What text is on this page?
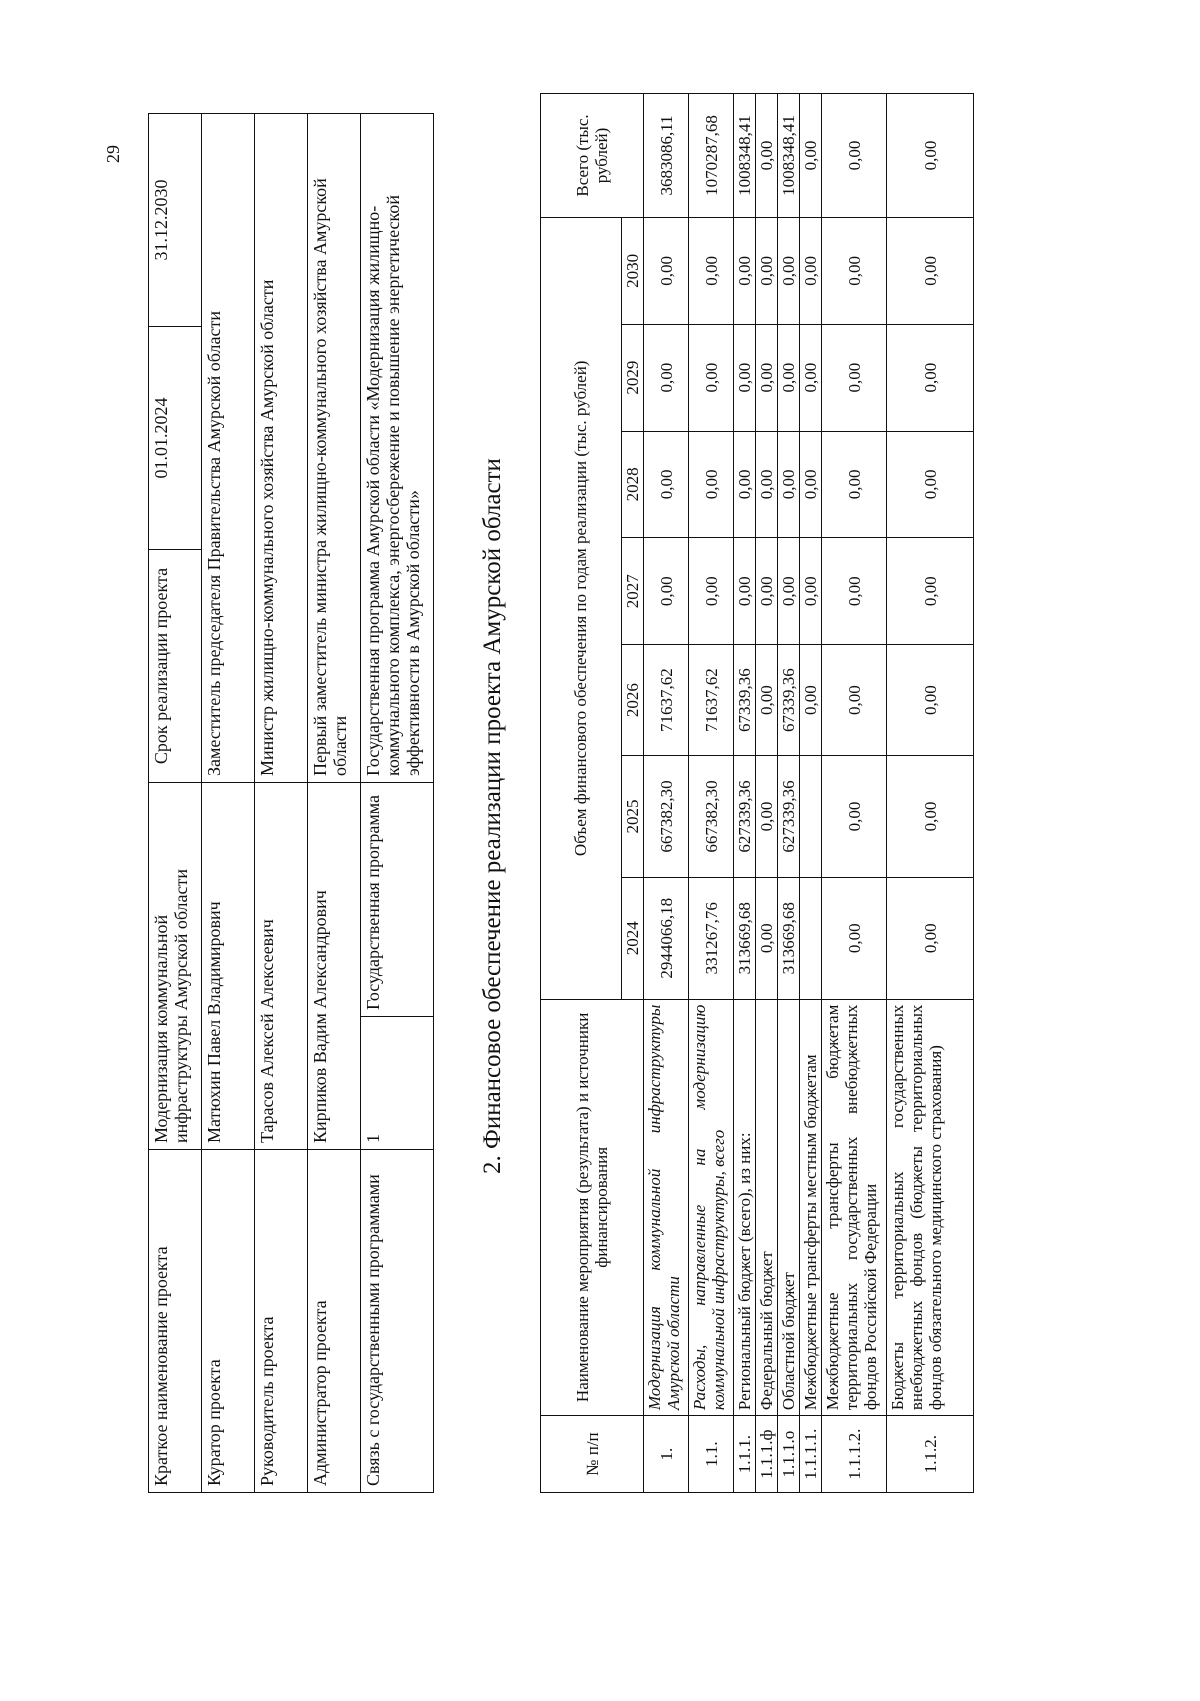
29
Краткое наименование проекта	Модернизация коммунальной инфраструктуры Амурской области		Срок реализации проекта	01.01.2024	31.12.2030
Куратор проекта	Матюхин Павел Владимирович		Заместитель председателя Правительства Амурской области		
Руководитель проекта	Тарасов Алексей Алексеевич		Министр жилищно-коммунального хозяйства Амурской области		
Администратор проекта	Кирпиков Вадим Александрович		Первый заместитель министра жилищно-коммунального хозяйства Амурской области		
Связь с государственными программами	1	Государственная программа	Государственная программа Амурской области «Модернизация жилищно-коммунального комплекса, энергосбережение и повышение энергетической эффективности в Амурской области»		2. Финансовое обеспечение реализации проекта Амурской области
№ п/п	Наименование мероприятия (результата) и источники финансирования	Объем финансового обеспечения по годам реализации (тыс. рублей)							Всего (тыс. рублей)
		2024	2025	2026	2027	2028	2029	2030	
1.	Модернизация коммунальной инфраструктуры Амурской области	2944066,18	667382,30	71637,62	0,00	0,00	0,00	0,00	3683086,11
1.1.	Расходы, направленные на модернизацию коммунальной инфраструктуры, всего	331267,76	667382,30	71637,62	0,00	0,00	0,00	0,00	1070287,68
1.1.1.	Региональный бюджет (всего), из них:	313669,68	627339,36	67339,36	0,00	0,00	0,00	0,00	1008348,41
1.1.1.ф	Федеральный бюджет	0,00	0,00	0,00	0,00	0,00	0,00	0,00	0,00
1.1.1.о	Областной бюджет	313669,68	627339,36	67339,36	0,00	0,00	0,00	0,00	1008348,41
1.1.1.1.	Межбюджетные трансферты местным бюджетам			0,00	0,00	0,00	0,00	0,00	0,00
1.1.1.2.	Межбюджетные трансферты бюджетам территориальных государственных внебюджетных фондов Российской Федерации	0,00	0,00	0,00	0,00	0,00	0,00	0,00	0,00
1.1.2.	Бюджеты территориальных государственных внебюджетных фондов (бюджеты территориальных фондов обязательного медицинского страхования)	0,00	0,00	0,00	0,00	0,00	0,00	0,00	0,00
